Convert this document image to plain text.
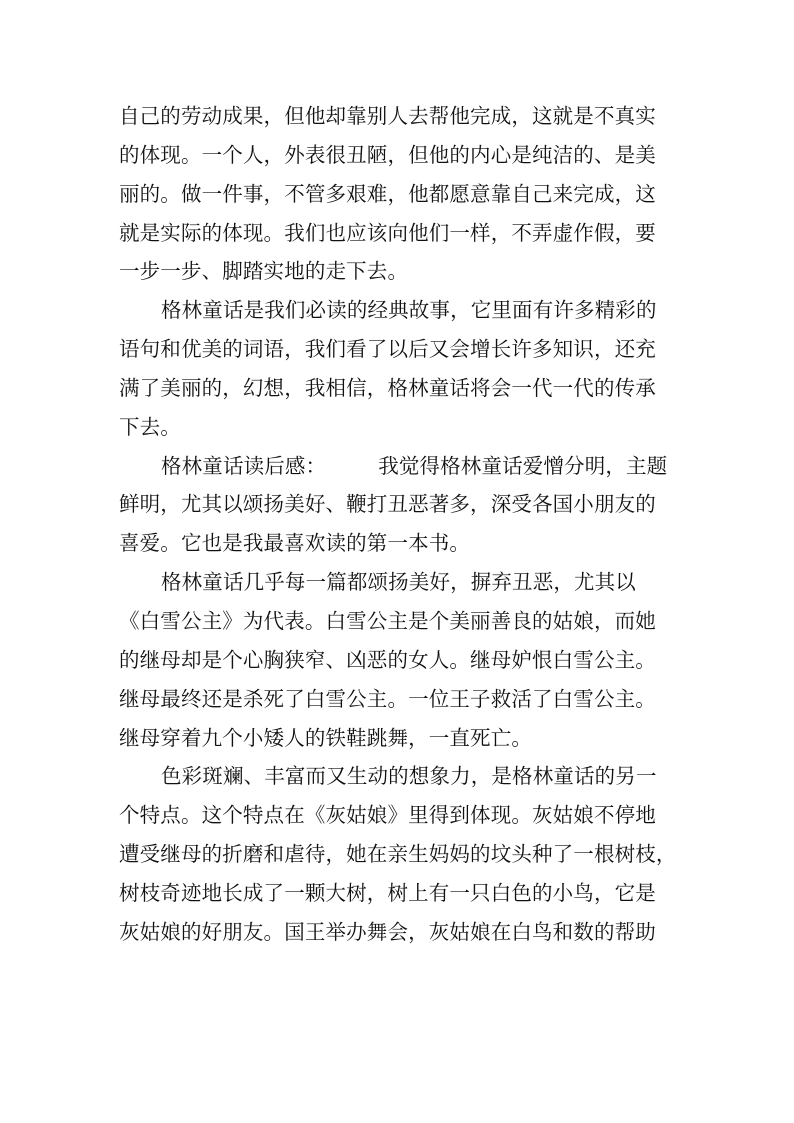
自己的劳动成果，但他却靠别人去帮他完成，这就是不真实
的体现。一个人，外表很丑陋，但他的内心是纯洁的、是美
丽的。做一件事，不管多艰难，他都愿意靠自己来完成，这
就是实际的体现。我们也应该向他们一样，不弄虚作假，要
一步一步、脚踏实地的走下去。
格林童话是我们必读的经典故事，它里面有许多精彩的
语句和优美的词语，我们看了以后又会增长许多知识，还充
满了美丽的，幻想，我相信，格林童话将会一代一代的传承
下去。
格林童话读后感：	我觉得格林童话爱憎分明，主题
鲜明，尤其以颂扬美好、鞭打丑恶著多，深受各国小朋友的
喜爱。它也是我最喜欢读的第一本书。
格林童话几乎每一篇都颂扬美好，摒弃丑恶，尤其以
《白雪公主》为代表。白雪公主是个美丽善良的姑娘，而她
的继母却是个心胸狭窄、凶恶的女人。继母妒恨白雪公主。
继母最终还是杀死了白雪公主。一位王子救活了白雪公主。
继母穿着九个小矮人的铁鞋跳舞，一直死亡。
色彩斑斓、丰富而又生动的想象力，是格林童话的另一
个特点。这个特点在《灰姑娘》里得到体现。灰姑娘不停地
遭受继母的折磨和虐待，她在亲生妈妈的坟头种了一根树枝，
树枝奇迹地长成了一颗大树，树上有一只白色的小鸟，它是
灰姑娘的好朋友。国王举办舞会，灰姑娘在白鸟和数的帮助
